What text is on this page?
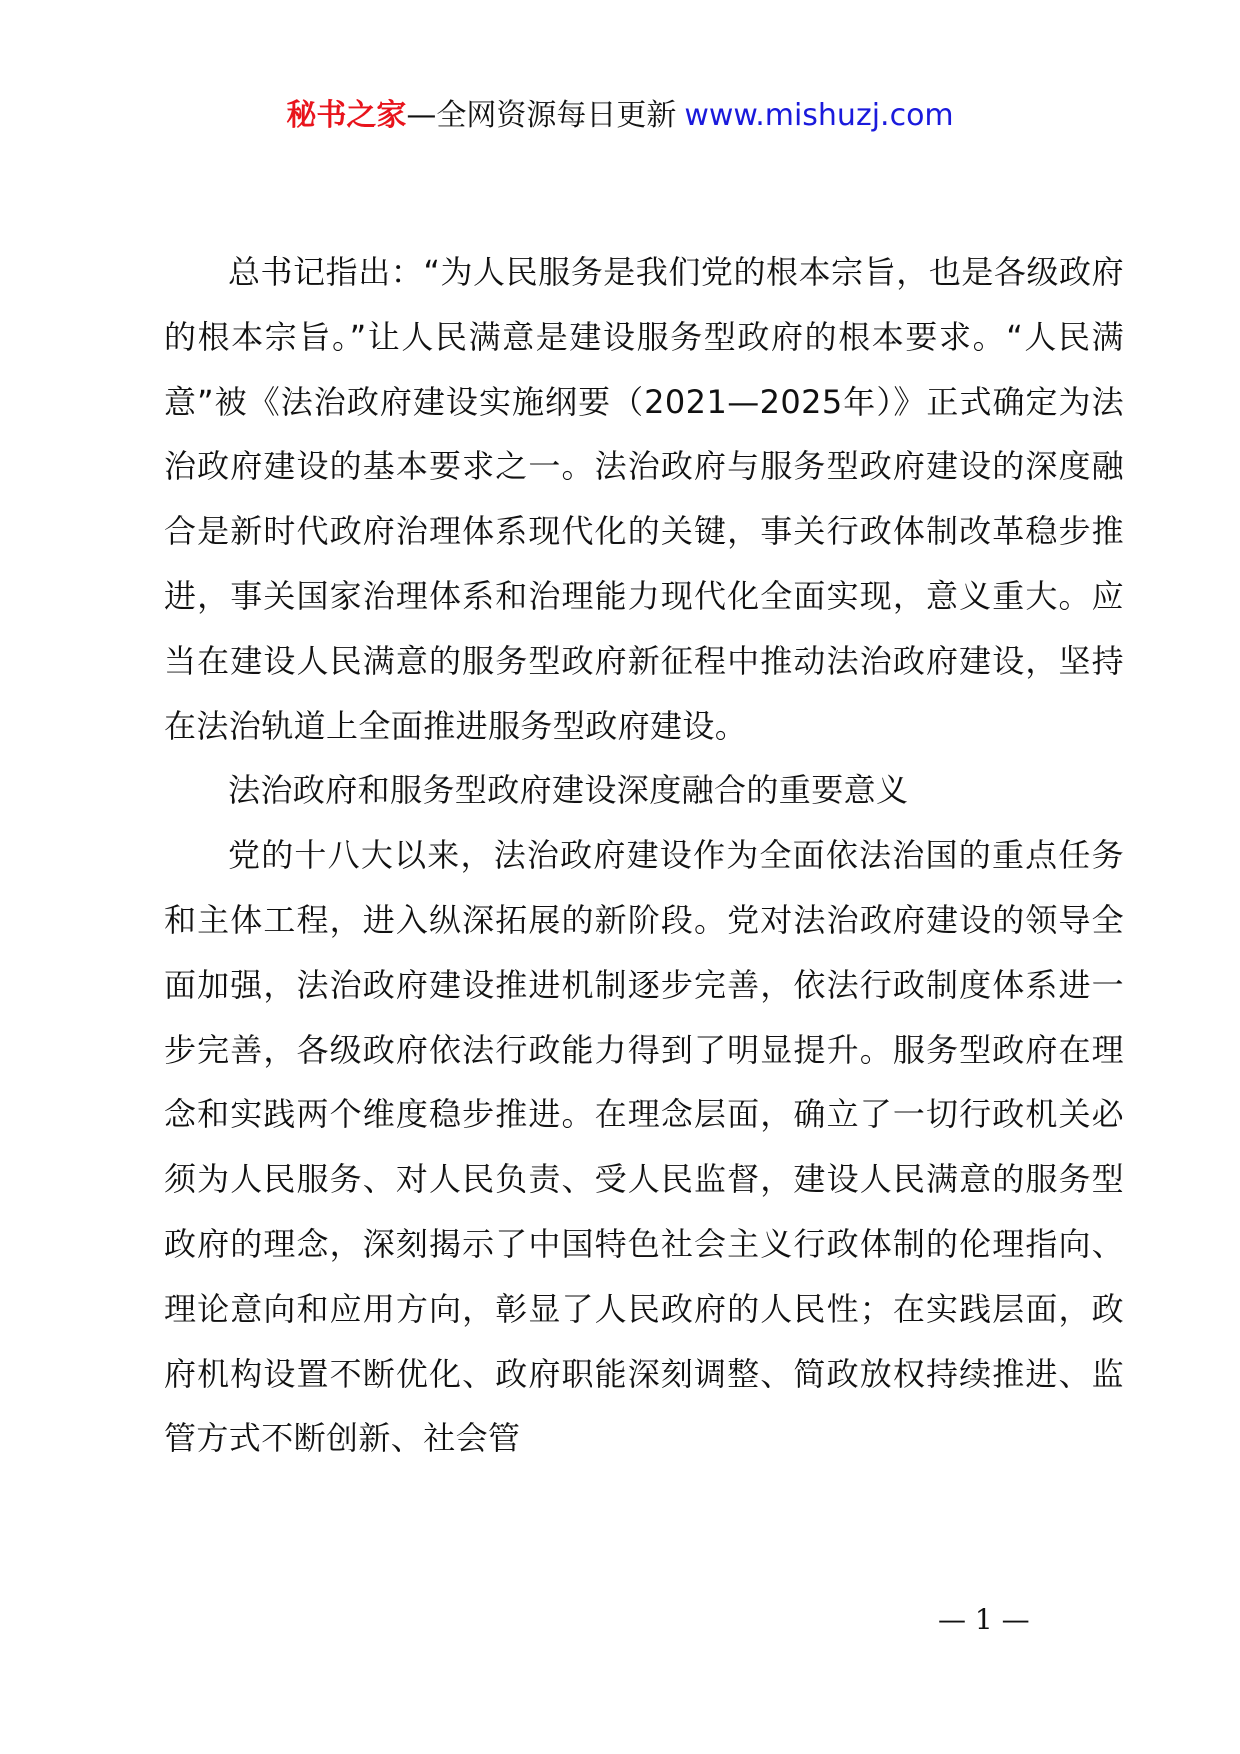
秘书之家—全网资源每日更新 www.mishuzj.com

总书记指出：“为人民服务是我们党的根本宗旨，也是各级政府的根本宗旨。”让人民满意是建设服务型政府的根本要求。“人民满意”被《法治政府建设实施纲要（2021—2025年）》正式确定为法治政府建设的基本要求之一。法治政府与服务型政府建设的深度融合是新时代政府治理体系现代化的关键，事关行政体制改革稳步推进，事关国家治理体系和治理能力现代化全面实现，意义重大。应当在建设人民满意的服务型政府新征程中推动法治政府建设，坚持在法治轨道上全面推进服务型政府建设。

法治政府和服务型政府建设深度融合的重要意义

党的十八大以来，法治政府建设作为全面依法治国的重点任务和主体工程，进入纵深拓展的新阶段。党对法治政府建设的领导全面加强，法治政府建设推进机制逐步完善，依法行政制度体系进一步完善，各级政府依法行政能力得到了明显提升。服务型政府在理念和实践两个维度稳步推进。在理念层面，确立了一切行政机关必须为人民服务、对人民负责、受人民监督，建设人民满意的服务型政府的理念，深刻揭示了中国特色社会主义行政体制的伦理指向、理论意向和应用方向，彰显了人民政府的人民性；在实践层面，政府机构设置不断优化、政府职能深刻调整、简政放权持续推进、监管方式不断创新、社会管

— 1 —
